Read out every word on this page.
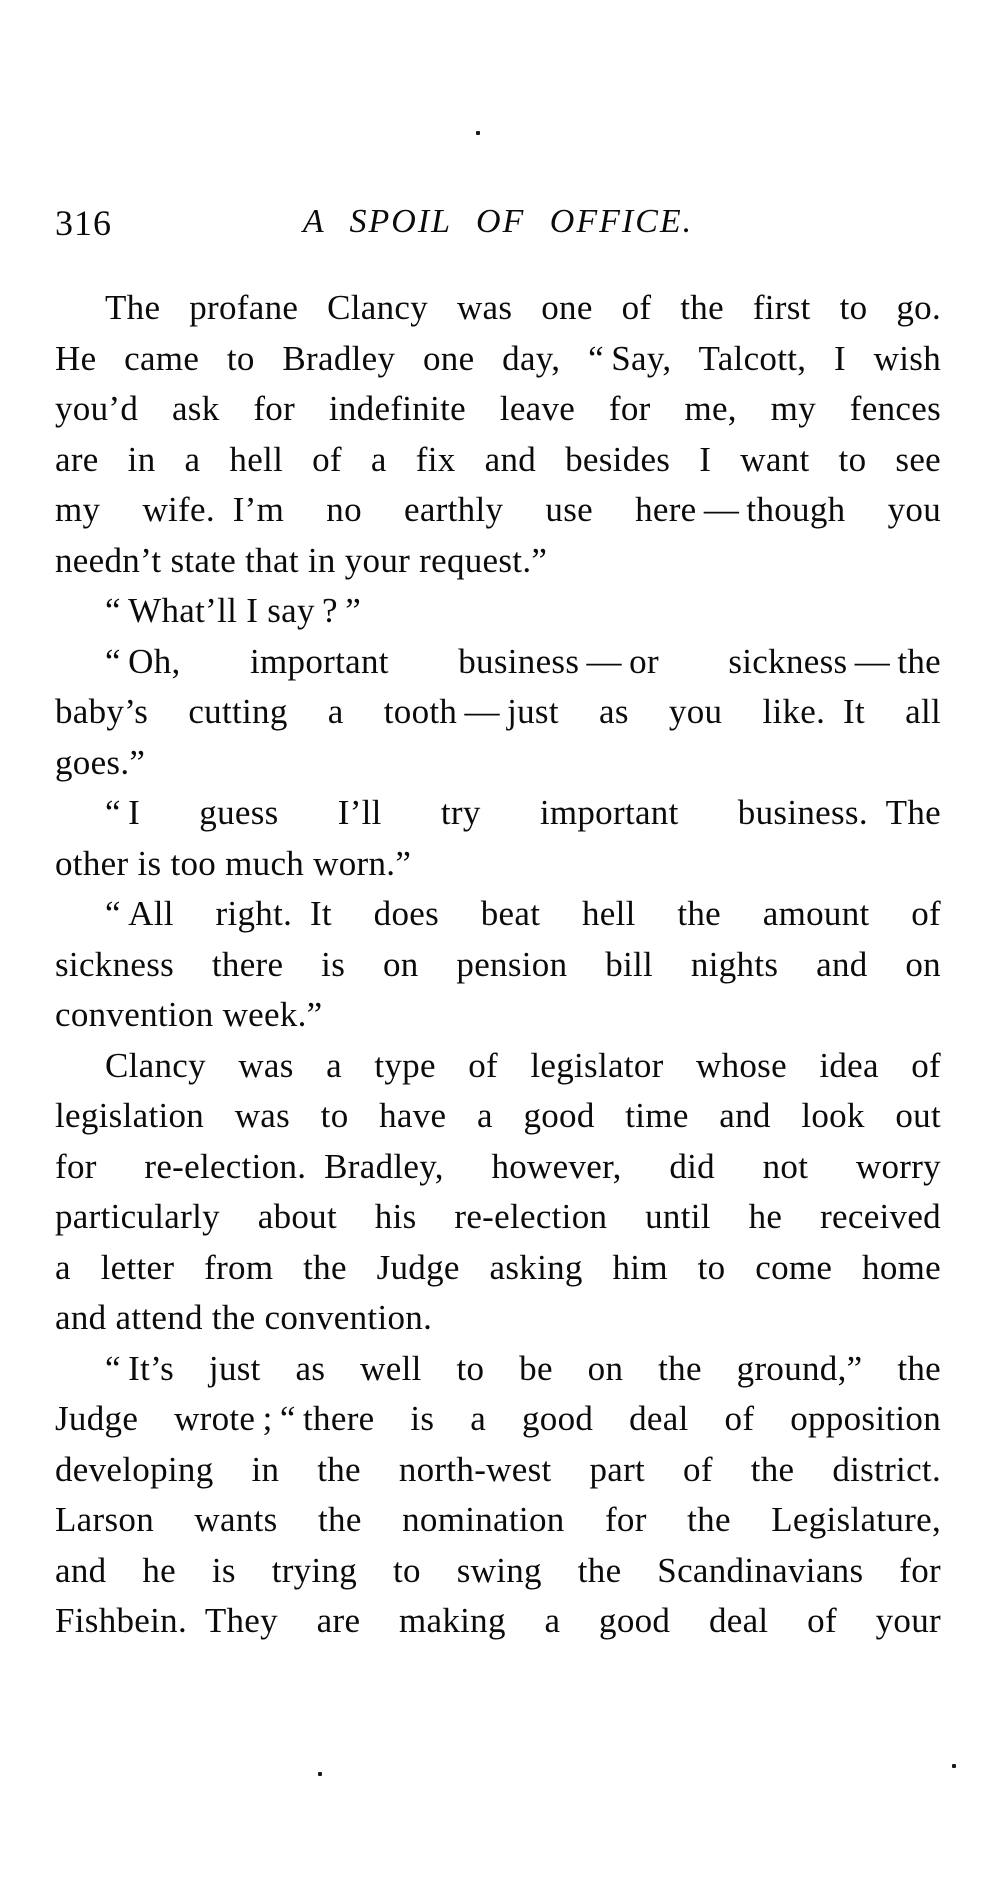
316	A SPOIL OF OFFICE.
The profane Clancy was one of the first to go.
He came to Bradley one day, “ Say, Talcott, I wish
you’d ask for indefinite leave for me, my fences
are in a hell of a fix and besides I want to see
my wife. I’m no earthly use here — though you
needn’t state that in your request.”
“ What’ll I say ? ”
“ Oh, important business — or sickness — the
baby’s cutting a tooth — just as you like. It all
goes.”
“ I guess I’ll try important business. The
other is too much worn.”
“ All right. It does beat hell the amount of
sickness there is on pension bill nights and on
convention week.”
Clancy was a type of legislator whose idea of
legislation was to have a good time and look out
for re-election. Bradley, however, did not worry
particularly about his re-election until he received
a letter from the Judge asking him to come home
and attend the convention.
“ It’s just as well to be on the ground,” the
Judge wrote ; “ there is a good deal of opposition
developing in the north-west part of the district.
Larson wants the nomination for the Legislature,
and he is trying to swing the Scandinavians for
Fishbein. They are making a good deal of your
